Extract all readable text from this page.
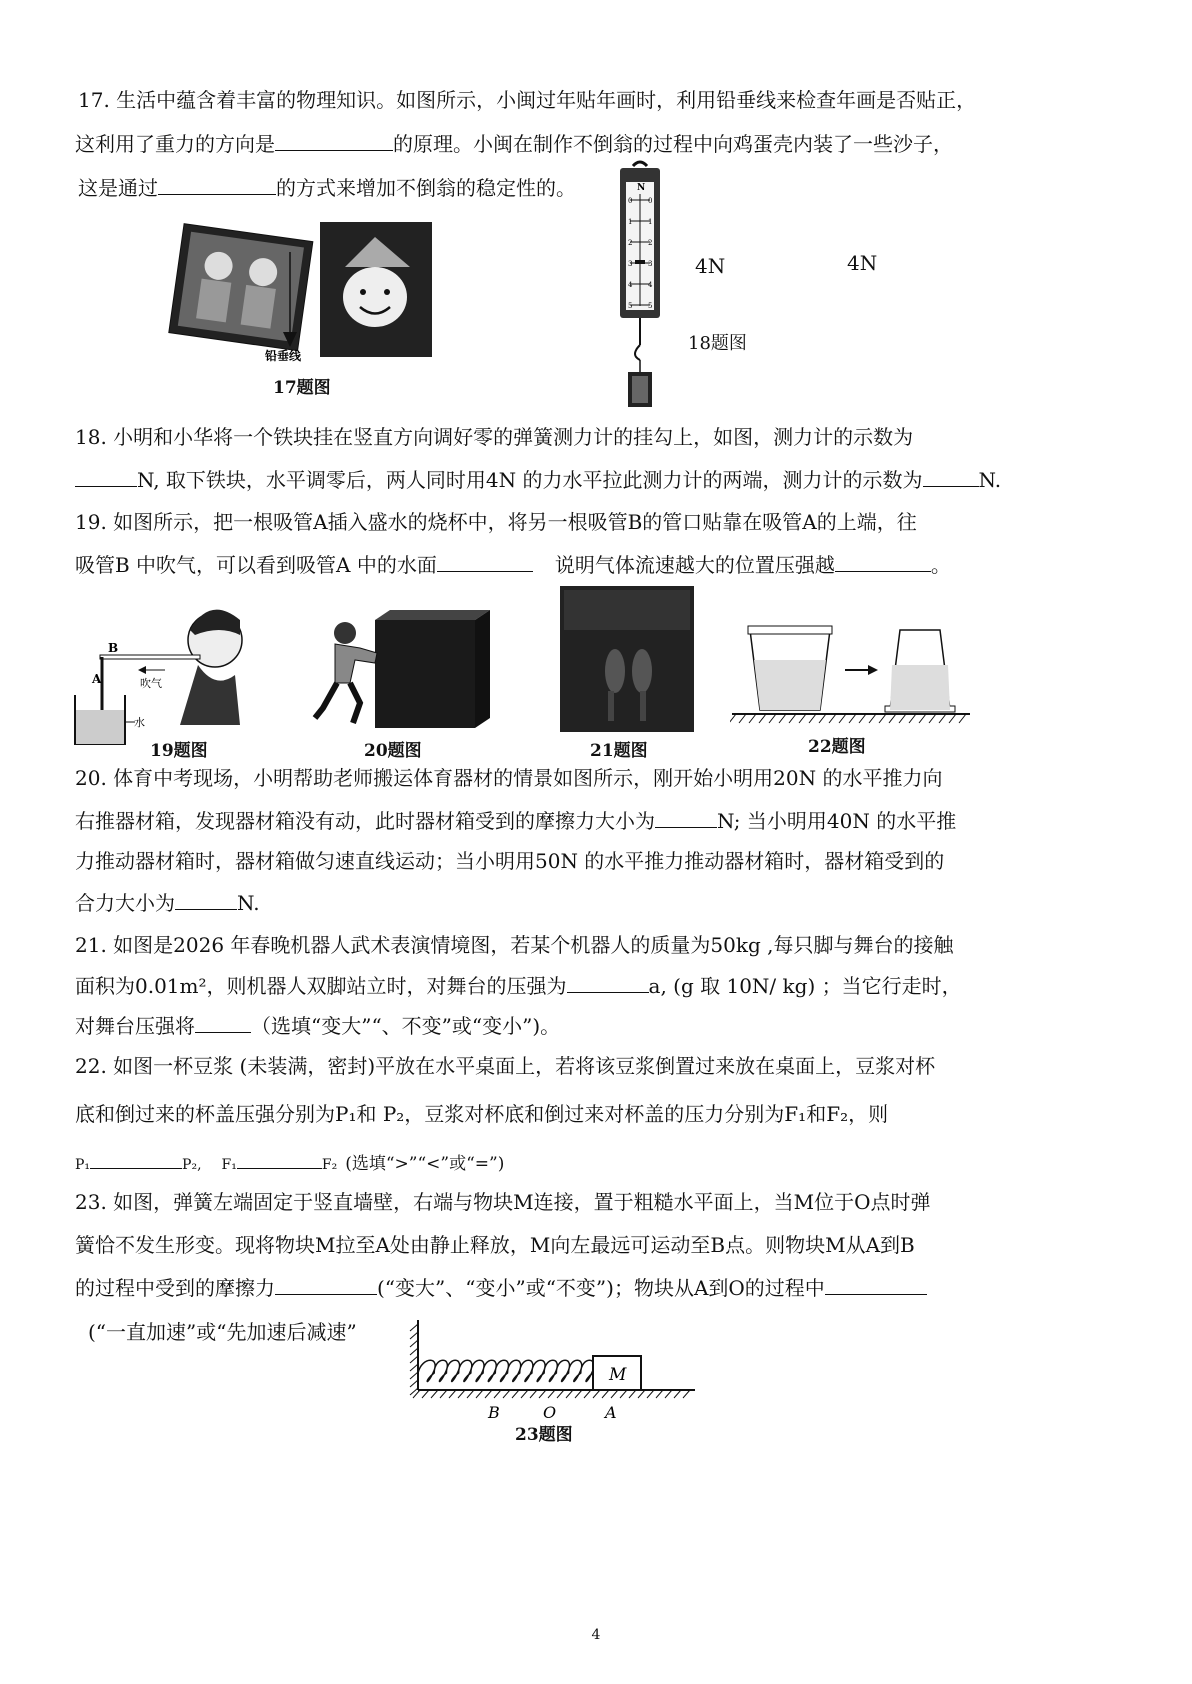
17. 生活中蕴含着丰富的物理知识。如图所示，小闽过年贴年画时，利用铅垂线来检查年画是否贴正，
这利用了重力的方向是	的原理。小闽在制作不倒翁的过程中向鸡蛋壳内装了一些沙子，
这是通过	的方式来增加不倒翁的稳定性的。
铅垂线
17题图
N
0 0
1 1
2 2
3 3
4 4
5 5
4N	4N
18题图
18. 小明和小华将一个铁块挂在竖直方向调好零的弹簧测力计的挂勾上，如图，测力计的示数为
N, 取下铁块，水平调零后，两人同时用4N 的力水平拉此测力计的两端，测力计的示数为	N.
19. 如图所示，把一根吸管A插入盛水的烧杯中，将另一根吸管B的管口贴靠在吸管A的上端，往
吸管B 中吹气，可以看到吸管A 中的水面	说明气体流速越大的位置压强越	。
B
A	吹气
水
19题图	20题图	21题图	22题图
20. 体育中考现场，小明帮助老师搬运体育器材的情景如图所示，刚开始小明用20N 的水平推力向
右推器材箱，发现器材箱没有动，此时器材箱受到的摩擦力大小为	N; 当小明用40N 的水平推
力推动器材箱时，器材箱做匀速直线运动；当小明用50N 的水平推力推动器材箱时，器材箱受到的
合力大小为	N.
21. 如图是2026 年春晚机器人武术表演情境图，若某个机器人的质量为50kg ,每只脚与舞台的接触
面积为0.01m²，则机器人双脚站立时，对舞台的压强为	a, (g 取 10N/ kg) ；当它行走时，
对舞台压强将	（选填“变大”“、不变”或“变小”)。
22. 如图一杯豆浆 (未装满，密封)平放在水平桌面上，若将该豆浆倒置过来放在桌面上，豆浆对杯
底和倒过来的杯盖压强分别为P₁和 P₂，豆浆对杯底和倒过来对杯盖的压力分别为F₁和F₂，则
P₁	P₂, F₁	F₂ (选填“>”“<”或“=”)
23. 如图，弹簧左端固定于竖直墙壁，右端与物块M连接，置于粗糙水平面上，当M位于O点时弹
簧恰不发生形变。现将物块M拉至A处由静止释放，M向左最远可运动至B点。则物块M从A到B
的过程中受到的摩擦力	(“变大”、“变小”或“不变”)；物块从A到O的过程中
(“一直加速”或“先加速后减速”
M
B	O	A
23题图
4
